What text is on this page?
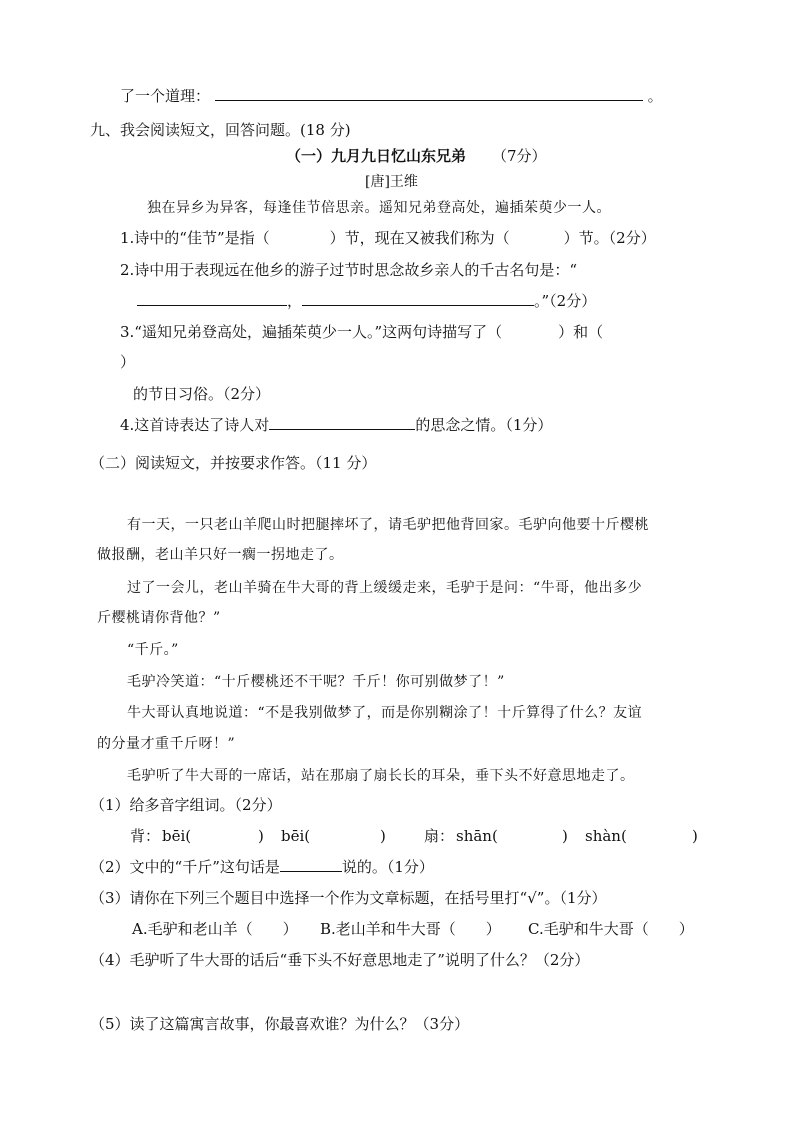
了一个道理：	。
九、我会阅读短文，回答问题。(18 分)
（一）九月九日忆山东兄弟 （7分）
[唐]王维
独在异乡为异客，每逢佳节倍思亲。遥知兄弟登高处，遍插茱萸少一人。
1.诗中的“佳节”是指（	）节，现在又被我们称为（	）节。（2分）
2.诗中用于表现远在他乡的游子过节时思念故乡亲人的千古名句是：“
，	。”（2分）
3.“遥知兄弟登高处，遍插茱萸少一人。”这两句诗描写了（	）和（
）
的节日习俗。（2分）
4.这首诗表达了诗人对	的思念之情。（1分）
（二）阅读短文，并按要求作答。（11 分）
有一天，一只老山羊爬山时把腿摔坏了，请毛驴把他背回家。毛驴向他要十斤樱桃
做报酬，老山羊只好一瘸一拐地走了。
过了一会儿，老山羊骑在牛大哥的背上缓缓走来，毛驴于是问：“牛哥，他出多少
斤樱桃请你背他？”
“千斤。”
毛驴冷笑道：“十斤樱桃还不干呢？千斤！你可别做梦了！”
牛大哥认真地说道：“不是我别做梦了，而是你别糊涂了！十斤算得了什么？友谊
的分量才重千斤呀！”
毛驴听了牛大哥的一席话，站在那扇了扇长长的耳朵，垂下头不好意思地走了。
（1）给多音字组词。（2分）
背： bēi(	) bēi(	)	扇： shān(	) shàn(	)
（2）文中的“千斤”这句话是	说的。（1分）
（3）请你在下列三个题目中选择一个作为文章标题，在括号里打“√”。（1分）
A.毛驴和老山羊（　　） B.老山羊和牛大哥（　　） C.毛驴和牛大哥（　　）
（4）毛驴听了牛大哥的话后“垂下头不好意思地走了”说明了什么？（2分）
（5）读了这篇寓言故事，你最喜欢谁？为什么？（3分）
